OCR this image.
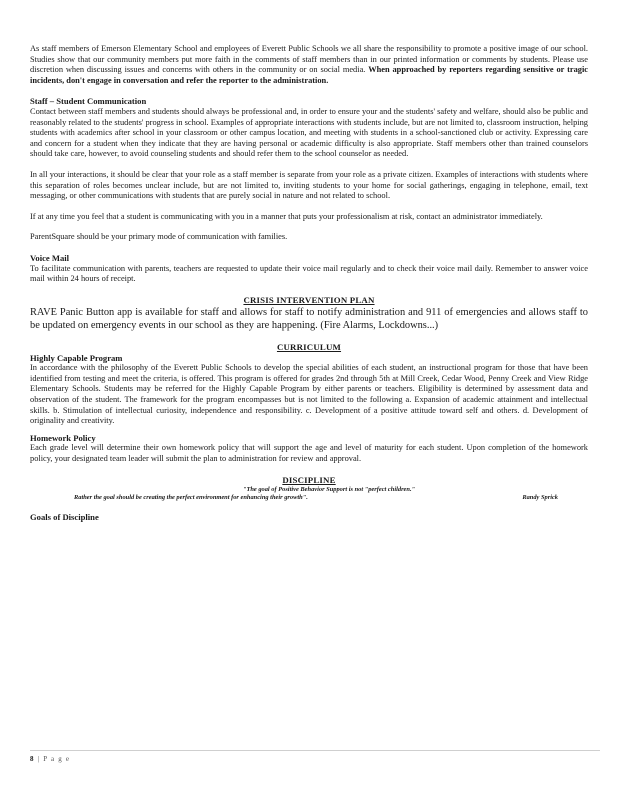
As staff members of Emerson Elementary School and employees of Everett Public Schools we all share the responsibility to promote a positive image of our school. Studies show that our community members put more faith in the comments of staff members than in our printed information or comments by students. Please use discretion when discussing issues and concerns with others in the community or on social media. When approached by reporters regarding sensitive or tragic incidents, don't engage in conversation and refer the reporter to the administration.

Staff – Student Communication

Contact between staff members and students should always be professional and, in order to ensure your and the students' safety and welfare, should also be public and reasonably related to the students' progress in school. Examples of appropriate interactions with students include, but are not limited to, classroom instruction, helping students with academics after school in your classroom or other campus location, and meeting with students in a school-sanctioned club or activity. Expressing care and concern for a student when they indicate that they are having personal or academic difficulty is also appropriate. Staff members other than trained counselors should take care, however, to avoid counseling students and should refer them to the school counselor as needed.

In all your interactions, it should be clear that your role as a staff member is separate from your role as a private citizen. Examples of interactions with students where this separation of roles becomes unclear include, but are not limited to, inviting students to your home for social gatherings, engaging in telephone, email, text messaging, or other communications with students that are purely social in nature and not related to school.

If at any time you feel that a student is communicating with you in a manner that puts your professionalism at risk, contact an administrator immediately.

ParentSquare should be your primary mode of communication with families.

Voice Mail

To facilitate communication with parents, teachers are requested to update their voice mail regularly and to check their voice mail daily. Remember to answer voice mail within 24 hours of receipt.

CRISIS INTERVENTION PLAN

RAVE Panic Button app is available for staff and allows for staff to notify administration and 911 of emergencies and allows staff to be updated on emergency events in our school as they are happening. (Fire Alarms, Lockdowns...)

CURRICULUM
Highly Capable Program

In accordance with the philosophy of the Everett Public Schools to develop the special abilities of each student, an instructional program for those that have been identified from testing and meet the criteria, is offered. This program is offered for grades 2nd through 5th at Mill Creek, Cedar Wood, Penny Creek and View Ridge Elementary Schools. Students may be referred for the Highly Capable Program by either parents or teachers. Eligibility is determined by assessment data and observation of the student. The framework for the program encompasses but is not limited to the following a. Expansion of academic attainment and intellectual skills. b. Stimulation of intellectual curiosity, independence and responsibility. c. Development of a positive attitude toward self and others. d. Development of originality and creativity.

Homework Policy

Each grade level will determine their own homework policy that will support the age and level of maturity for each student. Upon completion of the homework policy, your designated team leader will submit the plan to administration for review and approval.

DISCIPLINE
"The goal of Positive Behavior Support is not "perfect children."
Rather the goal should be creating the perfect environment for enhancing their growth".	Randy Sprick
Goals of Discipline
8 | P a g e
